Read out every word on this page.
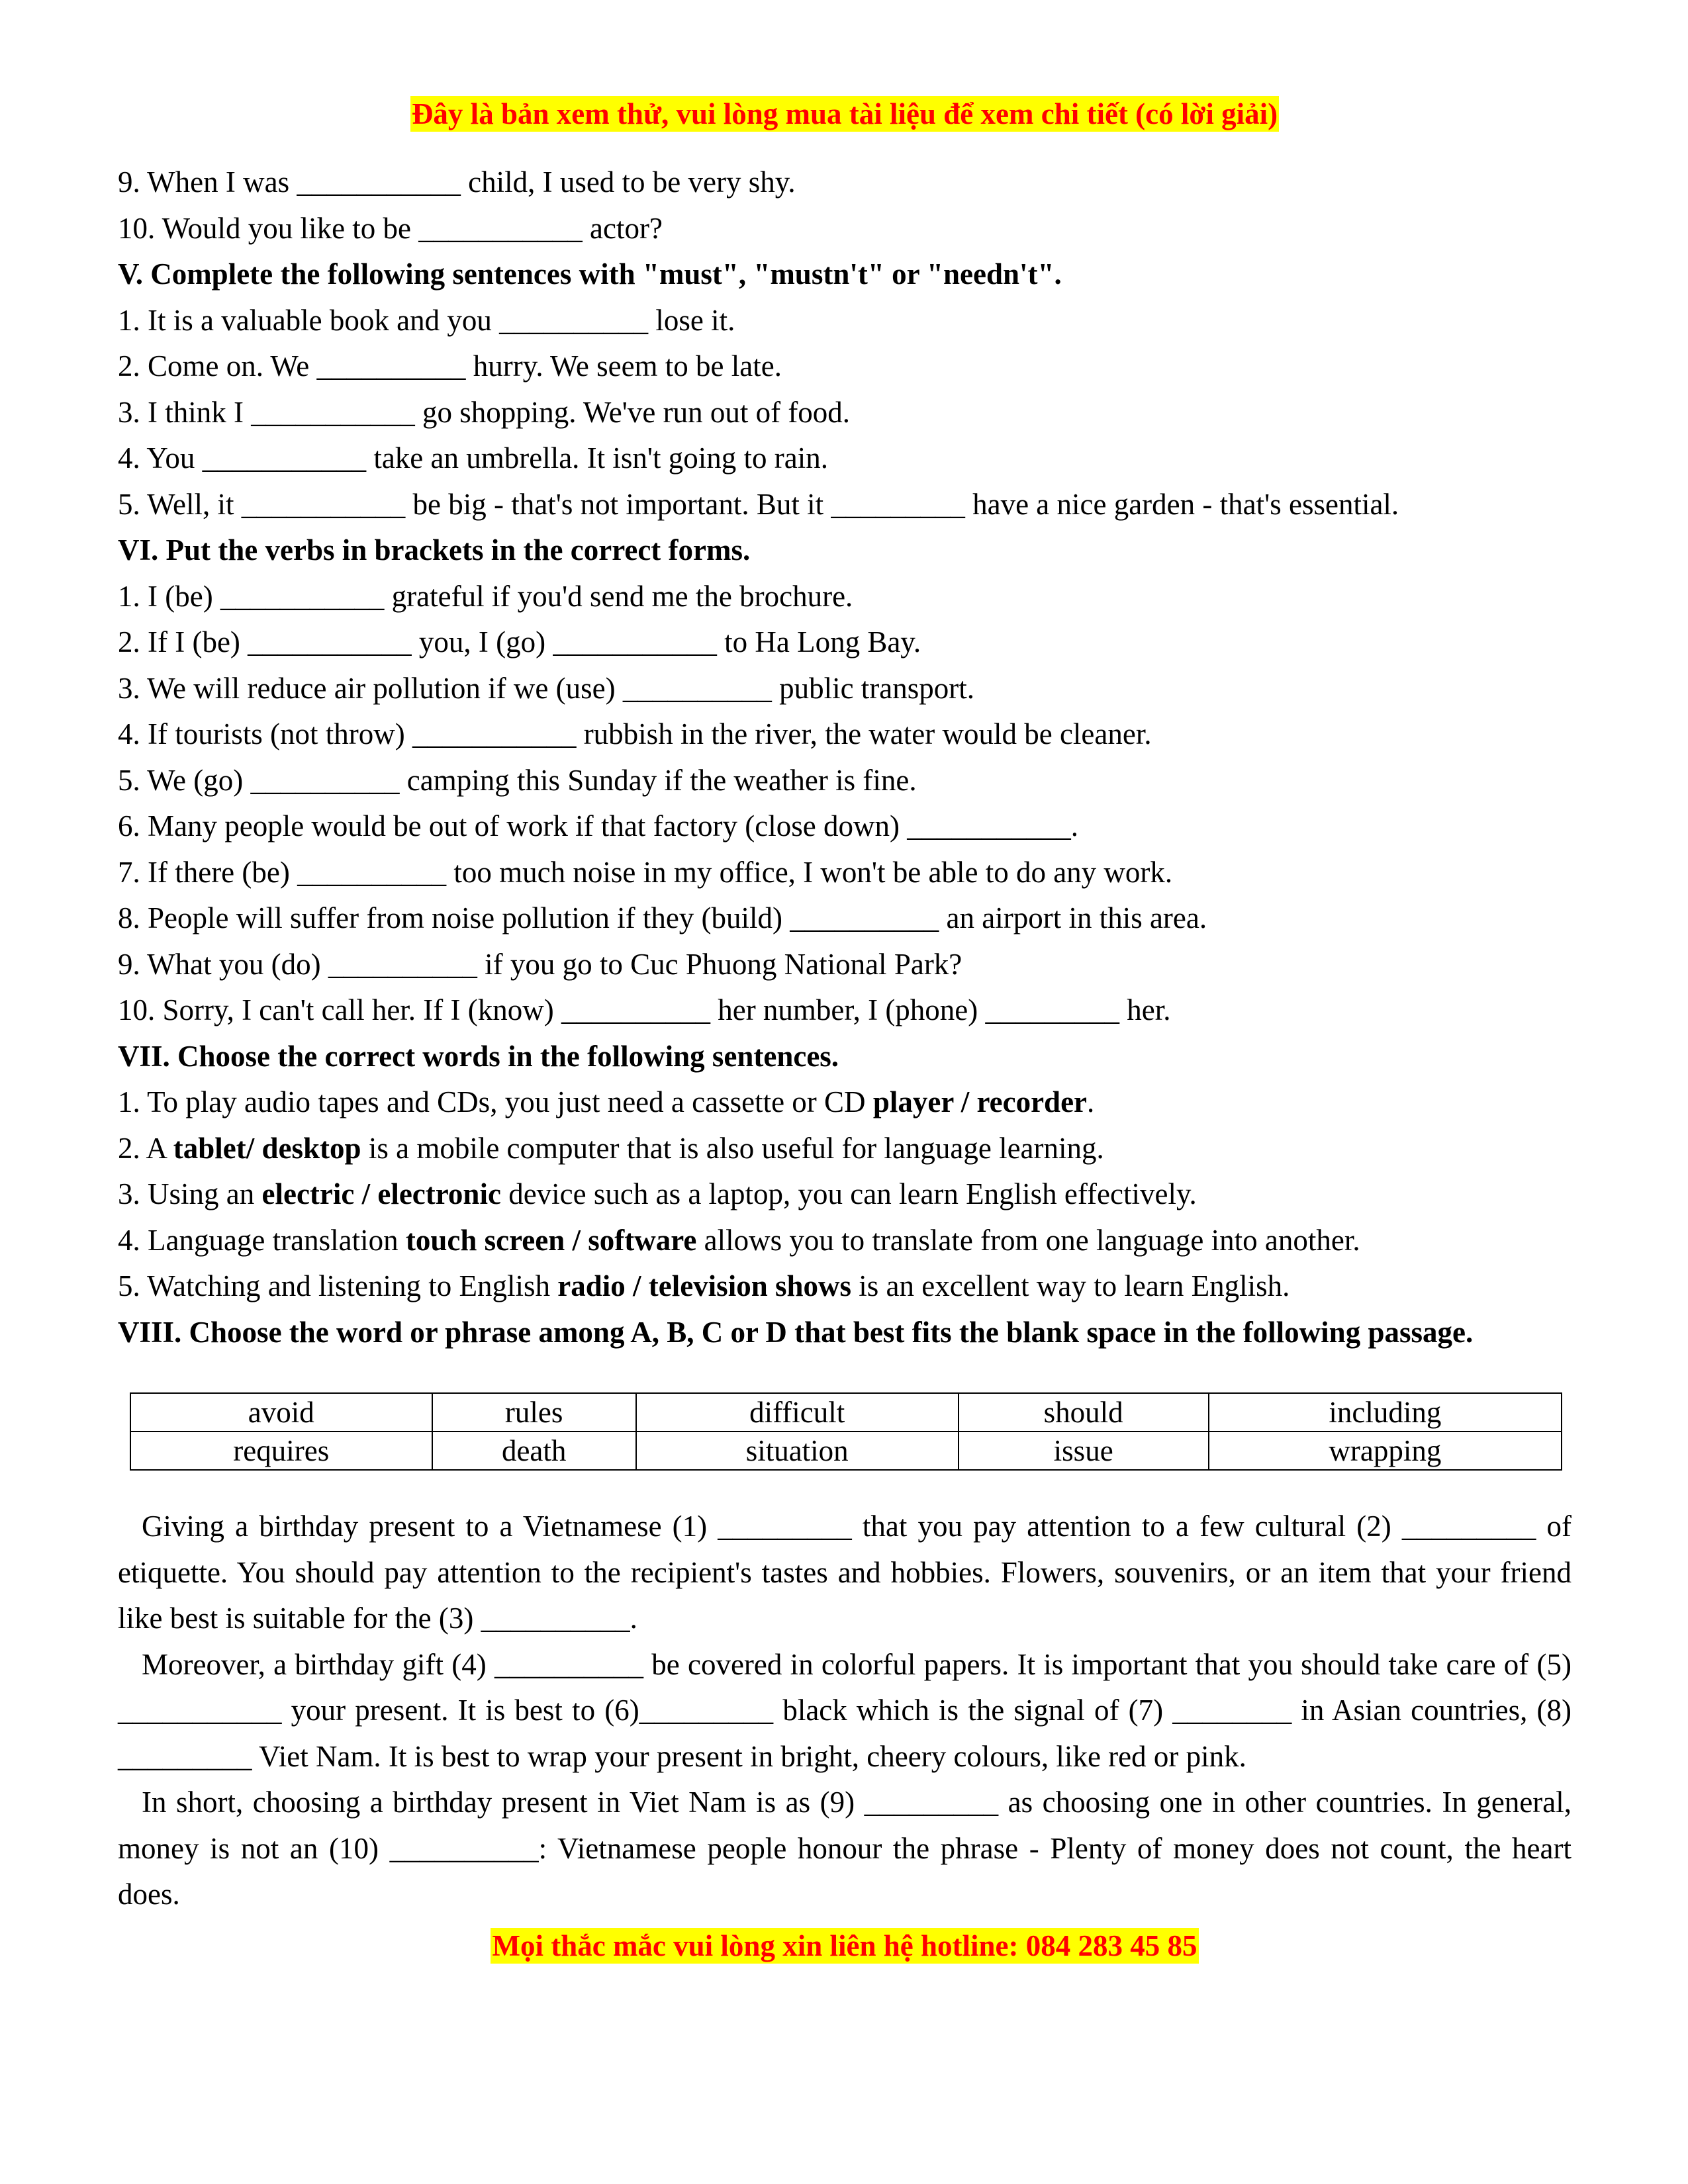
Đây là bản xem thử, vui lòng mua tài liệu để xem chi tiết (có lời giải)

9. When I was ___________ child, I used to be very shy.
10. Would you like to be ___________ actor?
V. Complete the following sentences with "must", "mustn't" or "needn't".
1. It is a valuable book and you __________ lose it.
2. Come on. We __________ hurry. We seem to be late.
3. I think I ___________ go shopping. We've run out of food.
4. You ___________ take an umbrella. It isn't going to rain.
5. Well, it ___________ be big - that's not important. But it _________ have a nice garden - that's essential.
VI. Put the verbs in brackets in the correct forms.
1. I (be) ___________ grateful if you'd send me the brochure.
2. If I (be) ___________ you, I (go) ___________ to Ha Long Bay.
3. We will reduce air pollution if we (use) __________ public transport.
4. If tourists (not throw) ___________ rubbish in the river, the water would be cleaner.
5. We (go) __________ camping this Sunday if the weather is fine.
6. Many people would be out of work if that factory (close down) ___________.
7. If there (be) __________ too much noise in my office, I won't be able to do any work.
8. People will suffer from noise pollution if they (build) __________ an airport in this area.
9. What you (do) __________ if you go to Cuc Phuong National Park?
10. Sorry, I can't call her. If I (know) __________ her number, I (phone) _________ her.
VII. Choose the correct words in the following sentences.
1. To play audio tapes and CDs, you just need a cassette or CD player / recorder.
2. A tablet/ desktop is a mobile computer that is also useful for language learning.
3. Using an electric / electronic device such as a laptop, you can learn English effectively.
4. Language translation touch screen / software allows you to translate from one language into another.
5. Watching and listening to English radio / television shows is an excellent way to learn English.
VIII. Choose the word or phrase among A, B, C or D that best fits the blank space in the following passage.
avoid	rules	difficult	should	including
requires	death	situation	issue	wrapping

Giving a birthday present to a Vietnamese (1) _________ that you pay attention to a few cultural (2) _________ of etiquette. You should pay attention to the recipient's tastes and hobbies. Flowers, souvenirs, or an item that your friend like best is suitable for the (3) __________.

Moreover, a birthday gift (4) __________ be covered in colorful papers. It is important that you should take care of (5) ___________ your present. It is best to (6)_________ black which is the signal of (7) ________ in Asian countries, (8) _________ Viet Nam. It is best to wrap your present in bright, cheery colours, like red or pink.

In short, choosing a birthday present in Viet Nam is as (9) _________ as choosing one in other countries. In general, money is not an (10) __________: Vietnamese people honour the phrase - Plenty of money does not count, the heart does.

Mọi thắc mắc vui lòng xin liên hệ hotline: 084 283 45 85
